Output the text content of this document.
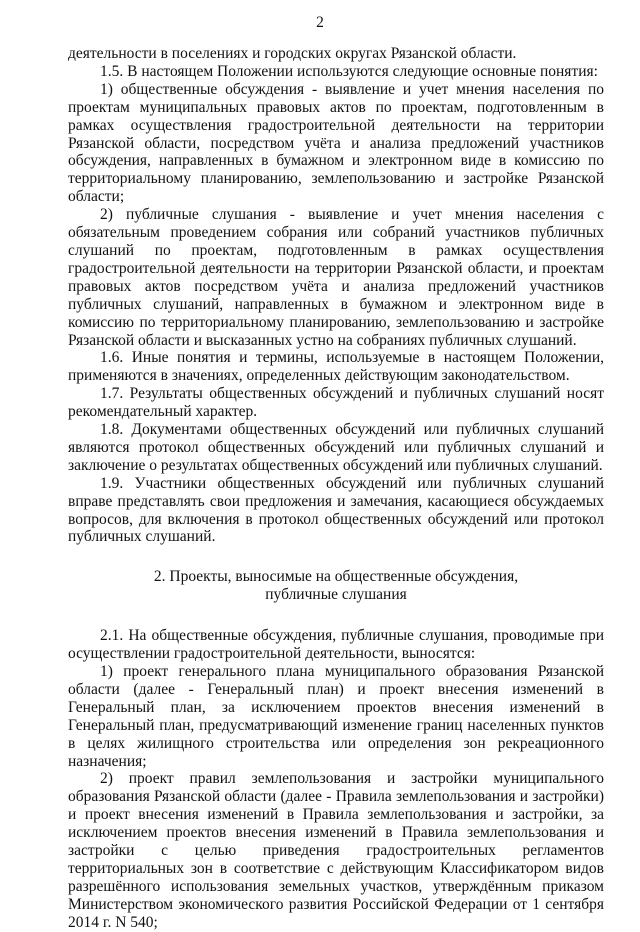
2

деятельности в поселениях и городских округах Рязанской области.

1.5. В настоящем Положении используются следующие основные понятия:

1) общественные обсуждения - выявление и учет мнения населения по проектам муниципальных правовых актов по проектам, подготовленным в рамках осуществления градостроительной деятельности на территории Рязанской области, посредством учёта и анализа предложений участников обсуждения, направленных в бумажном и электронном виде в комиссию по территориальному планированию, землепользованию и застройке Рязанской области;

2) публичные слушания - выявление и учет мнения населения с обязательным проведением собрания или собраний участников публичных слушаний по проектам, подготовленным в рамках осуществления градостроительной деятельности на территории Рязанской области, и проектам правовых актов посредством учёта и анализа предложений участников публичных слушаний, направленных в бумажном и электронном виде в комиссию по территориальному планированию, землепользованию и застройке Рязанской области и высказанных устно на собраниях публичных слушаний.

1.6. Иные понятия и термины, используемые в настоящем Положении, применяются в значениях, определенных действующим законодательством.

1.7. Результаты общественных обсуждений и публичных слушаний носят рекомендательный характер.

1.8. Документами общественных обсуждений или публичных слушаний являются протокол общественных обсуждений или публичных слушаний и заключение о результатах общественных обсуждений или публичных слушаний.

1.9. Участники общественных обсуждений или публичных слушаний вправе представлять свои предложения и замечания, касающиеся обсуждаемых вопросов, для включения в протокол общественных обсуждений или протокол публичных слушаний.

2. Проекты, выносимые на общественные обсуждения,
публичные слушания

2.1. На общественные обсуждения, публичные слушания, проводимые при осуществлении градостроительной деятельности, выносятся:

1) проект генерального плана муниципального образования Рязанской области (далее - Генеральный план) и проект внесения изменений в Генеральный план, за исключением проектов внесения изменений в Генеральный план, предусматривающий изменение границ населенных пунктов в целях жилищного строительства или определения зон рекреационного назначения;

2) проект правил землепользования и застройки муниципального образования Рязанской области (далее - Правила землепользования и застройки) и проект внесения изменений в Правила землепользования и застройки, за исключением проектов внесения изменений в Правила землепользования и застройки с целью приведения градостроительных регламентов территориальных зон в соответствие с действующим Классификатором видов разрешённого использования земельных участков, утверждённым приказом Министерством экономического развития Российской Федерации от 1 сентября 2014 г. N 540;
